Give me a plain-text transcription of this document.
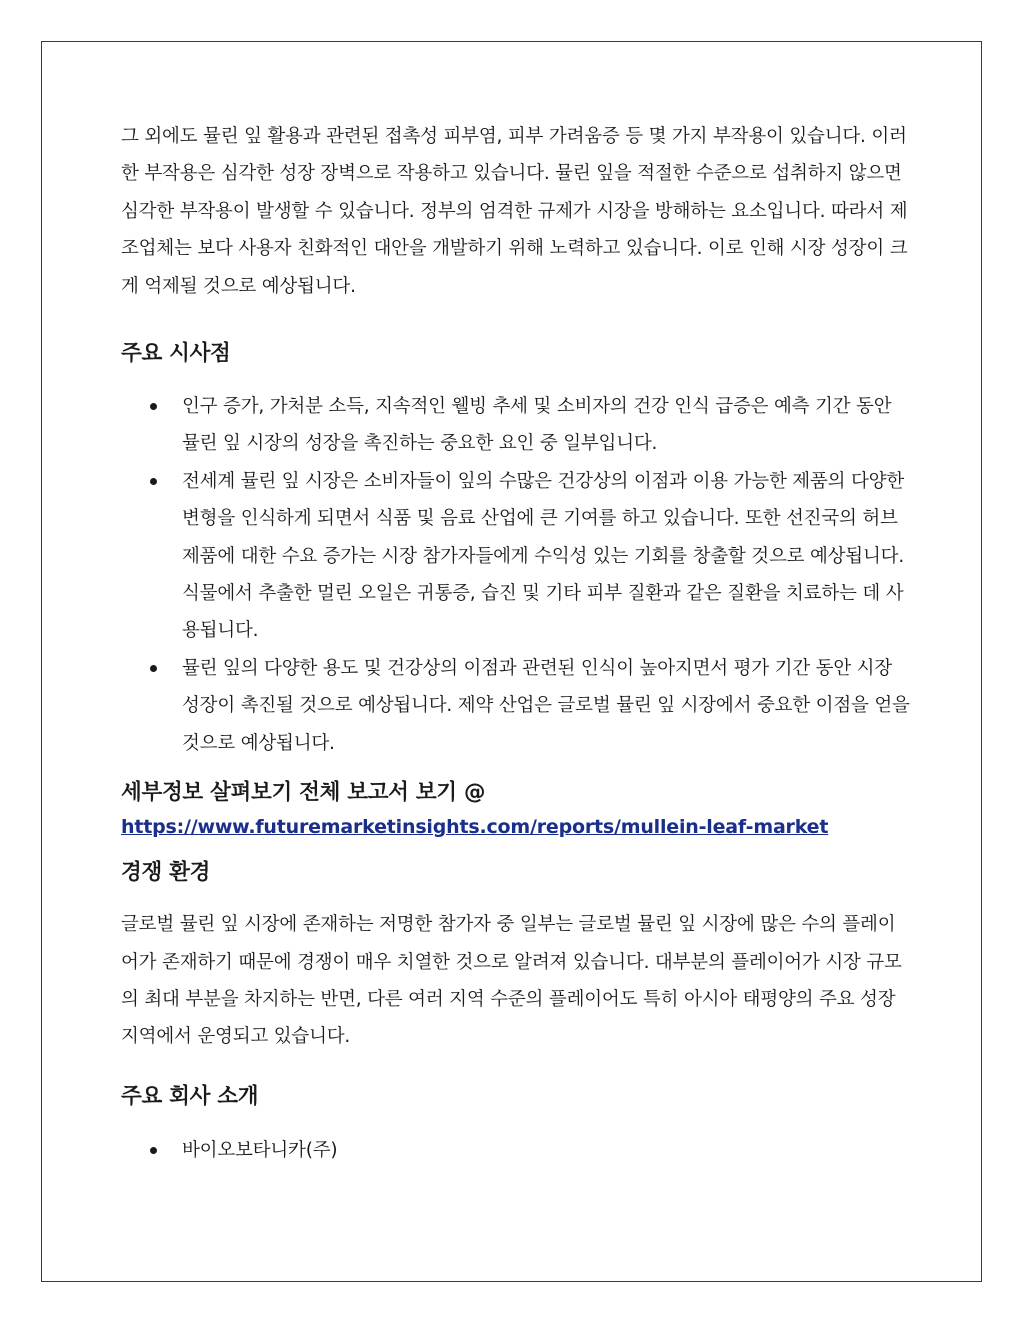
그 외에도 뮬린 잎 활용과 관련된 접촉성 피부염, 피부 가려움증 등 몇 가지 부작용이 있습니다. 이러한 부작용은 심각한 성장 장벽으로 작용하고 있습니다. 뮬린 잎을 적절한 수준으로 섭취하지 않으면 심각한 부작용이 발생할 수 있습니다. 정부의 엄격한 규제가 시장을 방해하는 요소입니다. 따라서 제조업체는 보다 사용자 친화적인 대안을 개발하기 위해 노력하고 있습니다. 이로 인해 시장 성장이 크게 억제될 것으로 예상됩니다.

주요 시사점
인구 증가, 가처분 소득, 지속적인 웰빙 추세 및 소비자의 건강 인식 급증은 예측 기간 동안 뮬린 잎 시장의 성장을 촉진하는 중요한 요인 중 일부입니다.
전세계 뮬린 잎 시장은 소비자들이 잎의 수많은 건강상의 이점과 이용 가능한 제품의 다양한 변형을 인식하게 되면서 식품 및 음료 산업에 큰 기여를 하고 있습니다. 또한 선진국의 허브 제품에 대한 수요 증가는 시장 참가자들에게 수익성 있는 기회를 창출할 것으로 예상됩니다. 식물에서 추출한 멀린 오일은 귀통증, 습진 및 기타 피부 질환과 같은 질환을 치료하는 데 사용됩니다.
뮬린 잎의 다양한 용도 및 건강상의 이점과 관련된 인식이 높아지면서 평가 기간 동안 시장 성장이 촉진될 것으로 예상됩니다. 제약 산업은 글로벌 뮬린 잎 시장에서 중요한 이점을 얻을 것으로 예상됩니다.
세부정보 살펴보기 전체 보고서 보기 @
https://www.futuremarketinsights.com/reports/mullein-leaf-market
경쟁 환경

글로벌 뮬린 잎 시장에 존재하는 저명한 참가자 중 일부는 글로벌 뮬린 잎 시장에 많은 수의 플레이어가 존재하기 때문에 경쟁이 매우 치열한 것으로 알려져 있습니다. 대부분의 플레이어가 시장 규모의 최대 부분을 차지하는 반면, 다른 여러 지역 수준의 플레이어도 특히 아시아 태평양의 주요 성장 지역에서 운영되고 있습니다.

주요 회사 소개
바이오보타니카(주)
